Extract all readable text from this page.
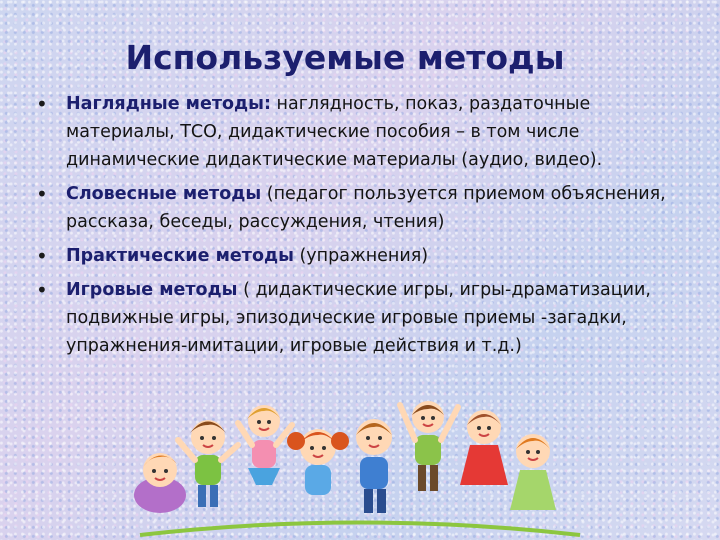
Используемые методы
• Наглядные методы: наглядность, показ, раздаточные материалы, ТСО, дидактические пособия – в том числе динамические дидактические материалы (аудио, видео).
• Словесные методы (педагог пользуется приемом объяснения, рассказа, беседы, рассуждения, чтения)
• Практические методы (упражнения)
• Игровые методы ( дидактические игры, игры-драматизации, подвижные игры, эпизодические игровые приемы -загадки, упражнения-имитации, игровые действия и т.д.)
